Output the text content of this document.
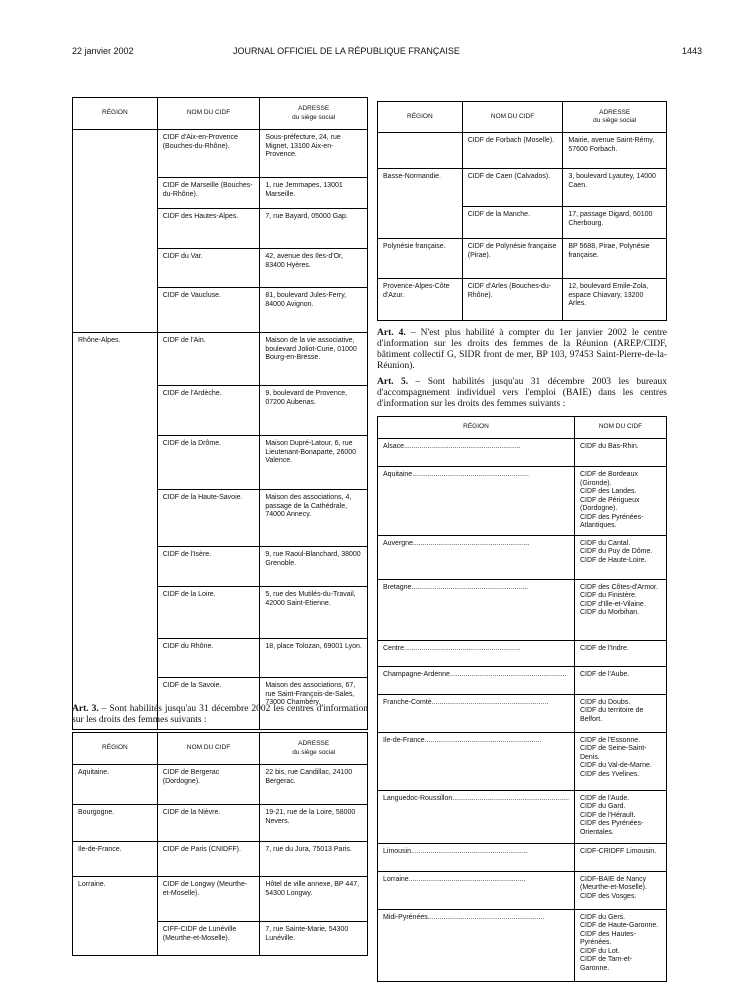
22 janvier 2002	JOURNAL OFFICIEL DE LA RÉPUBLIQUE FRANÇAISE	1443
RÉGION	NOM DU CIDF	ADRESSE
du siège social
	CIDF d'Aix-en-Provence (Bouches-du-Rhône).	Sous-préfecture, 24, rue Mignet, 13100 Aix-en-Provence.
	CIDF de Marseille (Bouches-du-Rhône).	1, rue Jemmapes, 13001 Marseille.
	CIDF des Hautes-Alpes.	7, rue Bayard, 05000 Gap.
	CIDF du Var.	42, avenue des Iles-d'Or, 83400 Hyères.
	CIDF de Vaucluse.	81, boulevard Jules-Ferry, 84000 Avignon.
Rhône-Alpes.	CIDF de l'Ain.	Maison de la vie associative, boulevard Joliot-Curie, 01000 Bourg-en-Bresse.
	CIDF de l'Ardèche.	9, boulevard de Provence, 07200 Aubenas.
	CIDF de la Drôme.	Maison Dupré-Latour, 6, rue Lieutenant-Bonaparte, 26000 Valence.
	CIDF de la Haute-Savoie.	Maison des associations, 4, passage de la Cathédrale, 74000 Annecy.
	CIDF de l'Isère.	9, rue Raoul-Blanchard, 38000 Grenoble.
	CIDF de la Loire.	5, rue des Mutilés-du-Travail, 42000 Saint-Etienne.
	CIDF du Rhône.	18, place Tolozan, 69001 Lyon.
	CIDF de la Savoie.	Maison des associations, 67, rue Saint-François-de-Sales, 73000 Chambéry.
Art. 3. – Sont habilités jusqu'au 31 décembre 2002 les centres d'information sur les droits des femmes suivants :
RÉGION	NOM DU CIDF	ADRESSE
du siège social
Aquitaine.	CIDF de Bergerac (Dordogne).	22 bis, rue Candillac, 24100 Bergerac.
Bourgogne.	CIDF de la Nièvre.	19-21, rue de la Loire, 58000 Nevers.
Ile-de-France.	CIDF de Paris (CNIDFF).	7, rue du Jura, 75013 Paris.
Lorraine.	CIDF de Longwy (Meurthe-et-Moselle).	Hôtel de ville annexe, BP 447, 54300 Longwy.
	CIFF-CIDF de Lunéville (Meurthe-et-Moselle).	7, rue Sainte-Marie, 54300 Lunéville.
RÉGION	NOM DU CIDF	ADRESSE
du siège social
	CIDF de Forbach (Moselle).	Mairie, avenue Saint-Rémy, 57600 Forbach.
Basse-Normandie.	CIDF de Caen (Calvados).	3, boulevard Lyautey, 14000 Caen.
	CIDF de la Manche.	17, passage Digard, 50100 Cherbourg.
Polynésie française.	CIDF de Polynésie française (Pirae).	BP 5688, Pirae, Polynésie française.
Provence-Alpes-Côte d'Azur.	CIDF d'Arles (Bouches-du-Rhône).	12, boulevard Emile-Zola, espace Chiavary, 13200 Arles.
Art. 4. – N'est plus habilité à compter du 1er janvier 2002 le centre d'information sur les droits des femmes de la Réunion (AREP/CIDF, bâtiment collectif G, SIDR front de mer, BP 103, 97453 Saint-Pierre-de-la-Réunion).
Art. 5. – Sont habilités jusqu'au 31 décembre 2003 les bureaux d'accompagnement individuel vers l'emploi (BAIE) dans les centres d'information sur les droits des femmes suivants :
RÉGION	NOM DU CIDF
Alsace............................................................	CIDF du Bas-Rhin.

Aquitaine............................................................	CIDF de Bordeaux (Gironde).
CIDF des Landes.
CIDF de Périgueux (Dordogne).
CIDF des Pyrénées-Atlantiques.

Auvergne............................................................	CIDF du Cantal.
CIDF du Puy de Dôme.
CIDF de Haute-Loire.

Bretagne............................................................	CIDF des Côtes-d'Armor.
CIDF du Finistère.
CIDF d'Ille-et-Vilaine.
CIDF du Morbihan.

Centre............................................................	CIDF de l'Indre.

Champagne-Ardenne............................................................	CIDF de l'Aube.

Franche-Comté............................................................	CIDF du Doubs.
CIDF du territoire de Belfort.

Ile-de-France............................................................	CIDF de l'Essonne.
CIDF de Seine-Saint-Denis.
CIDF du Val-de-Marne.
CIDF des Yvelines.

Languedoc-Roussillon............................................................	CIDF de l'Aude.
CIDF du Gard.
CIDF de l'Hérault.
CIDF des Pyrénées-Orientales.

Limousin............................................................	CIDF-CRIDFF Limousin.

Lorraine............................................................	CIDF-BAIE de Nancy (Meurthe-et-Moselle).
CIDF des Vosges.

Midi-Pyrénées............................................................	CIDF du Gers.
CIDF de Haute-Garonne.
CIDF des Hautes-Pyrénées.
CIDF du Lot.
CIDF de Tarn-et-Garonne.
